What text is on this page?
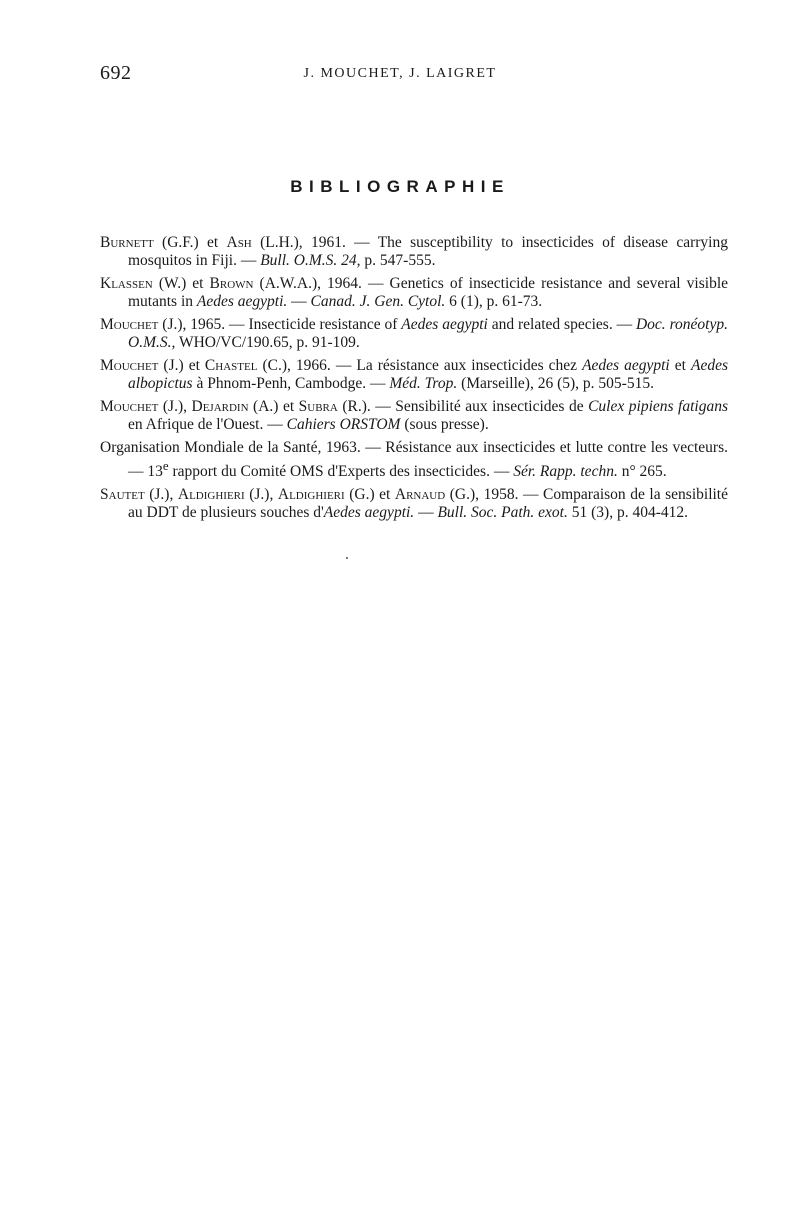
692	J. MOUCHET, J. LAIGRET
BIBLIOGRAPHIE
Burnett (G.F.) et Ash (L.H.), 1961. — The susceptibility to insecticides of disease carrying mosquitos in Fiji. — Bull. O.M.S. 24, p. 547-555.
Klassen (W.) et Brown (A.W.A.), 1964. — Genetics of insecticide resistance and several visible mutants in Aedes aegypti. — Canad. J. Gen. Cytol. 6 (1), p. 61-73.
Mouchet (J.), 1965. — Insecticide resistance of Aedes aegypti and related species. — Doc. ronéotyp. O.M.S., WHO/VC/190.65, p. 91-109.
Mouchet (J.) et Chastel (C.), 1966. — La résistance aux insecticides chez Aedes aegypti et Aedes albopictus à Phnom-Penh, Cambodge. — Méd. Trop. (Marseille), 26 (5), p. 505-515.
Mouchet (J.), Dejardin (A.) et Subra (R.). — Sensibilité aux insecticides de Culex pipiens fatigans en Afrique de l'Ouest. — Cahiers ORSTOM (sous presse).
Organisation Mondiale de la Santé, 1963. — Résistance aux insecticides et lutte contre les vecteurs. — 13e rapport du Comité OMS d'Experts des insecticides. — Sér. Rapp. techn. n° 265.
Sautet (J.), Aldighieri (J.), Aldighieri (G.) et Arnaud (G.), 1958. — Comparaison de la sensibilité au DDT de plusieurs souches d'Aedes aegypti. — Bull. Soc. Path. exot. 51 (3), p. 404-412.
